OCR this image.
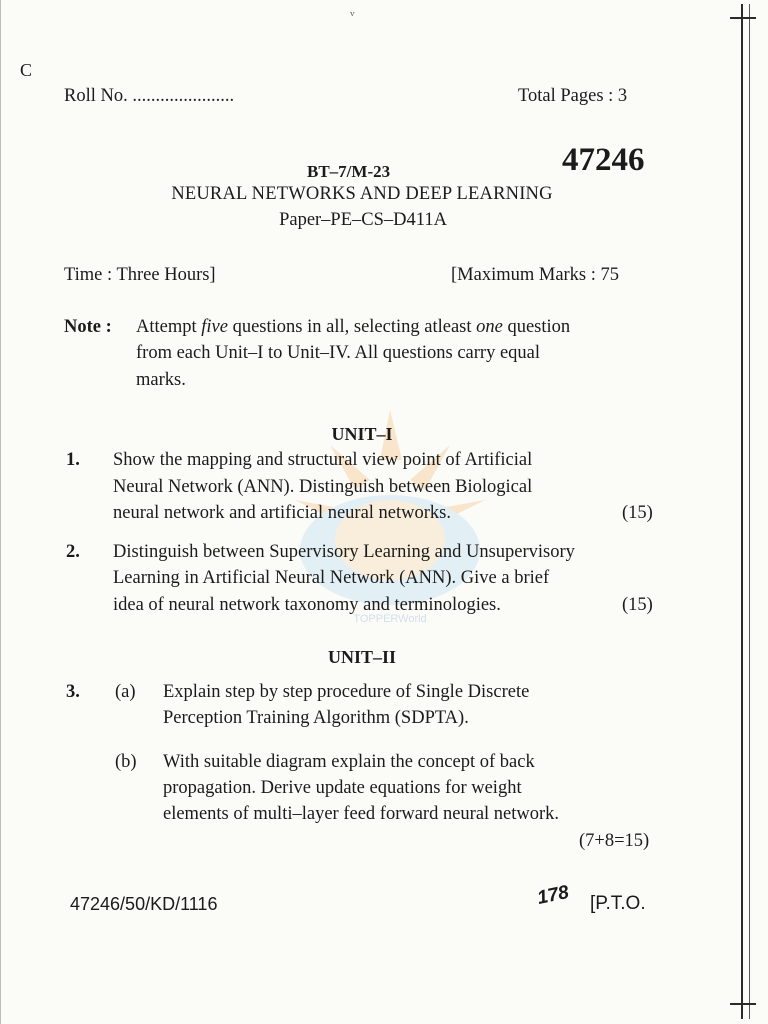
ᵥ
TOPPERWorld
C
Roll No. ......................	Total Pages : 3
BT–7/M-23	47246
NEURAL NETWORKS AND DEEP LEARNING
Paper–PE–CS–D411A
Time : Three Hours]	[Maximum Marks : 75
Note : Attempt five questions in all, selecting atleast one question
from each Unit–I to Unit–IV. All questions carry equal
marks.
UNIT–I
1. Show the mapping and structural view point of Artificial
Neural Network (ANN). Distinguish between Biological
neural network and artificial neural networks.	(15)
2. Distinguish between Supervisory Learning and Unsupervisory
Learning in Artificial Neural Network (ANN). Give a brief
idea of neural network taxonomy and terminologies.	(15)
UNIT–II
3. (a) Explain step by step procedure of Single Discrete
Perception Training Algorithm (SDPTA).
(b) With suitable diagram explain the concept of back
propagation. Derive update equations for weight
elements of multi–layer feed forward neural network.
(7+8=15)
47246/50/KD/1116	178 [P.T.O.
